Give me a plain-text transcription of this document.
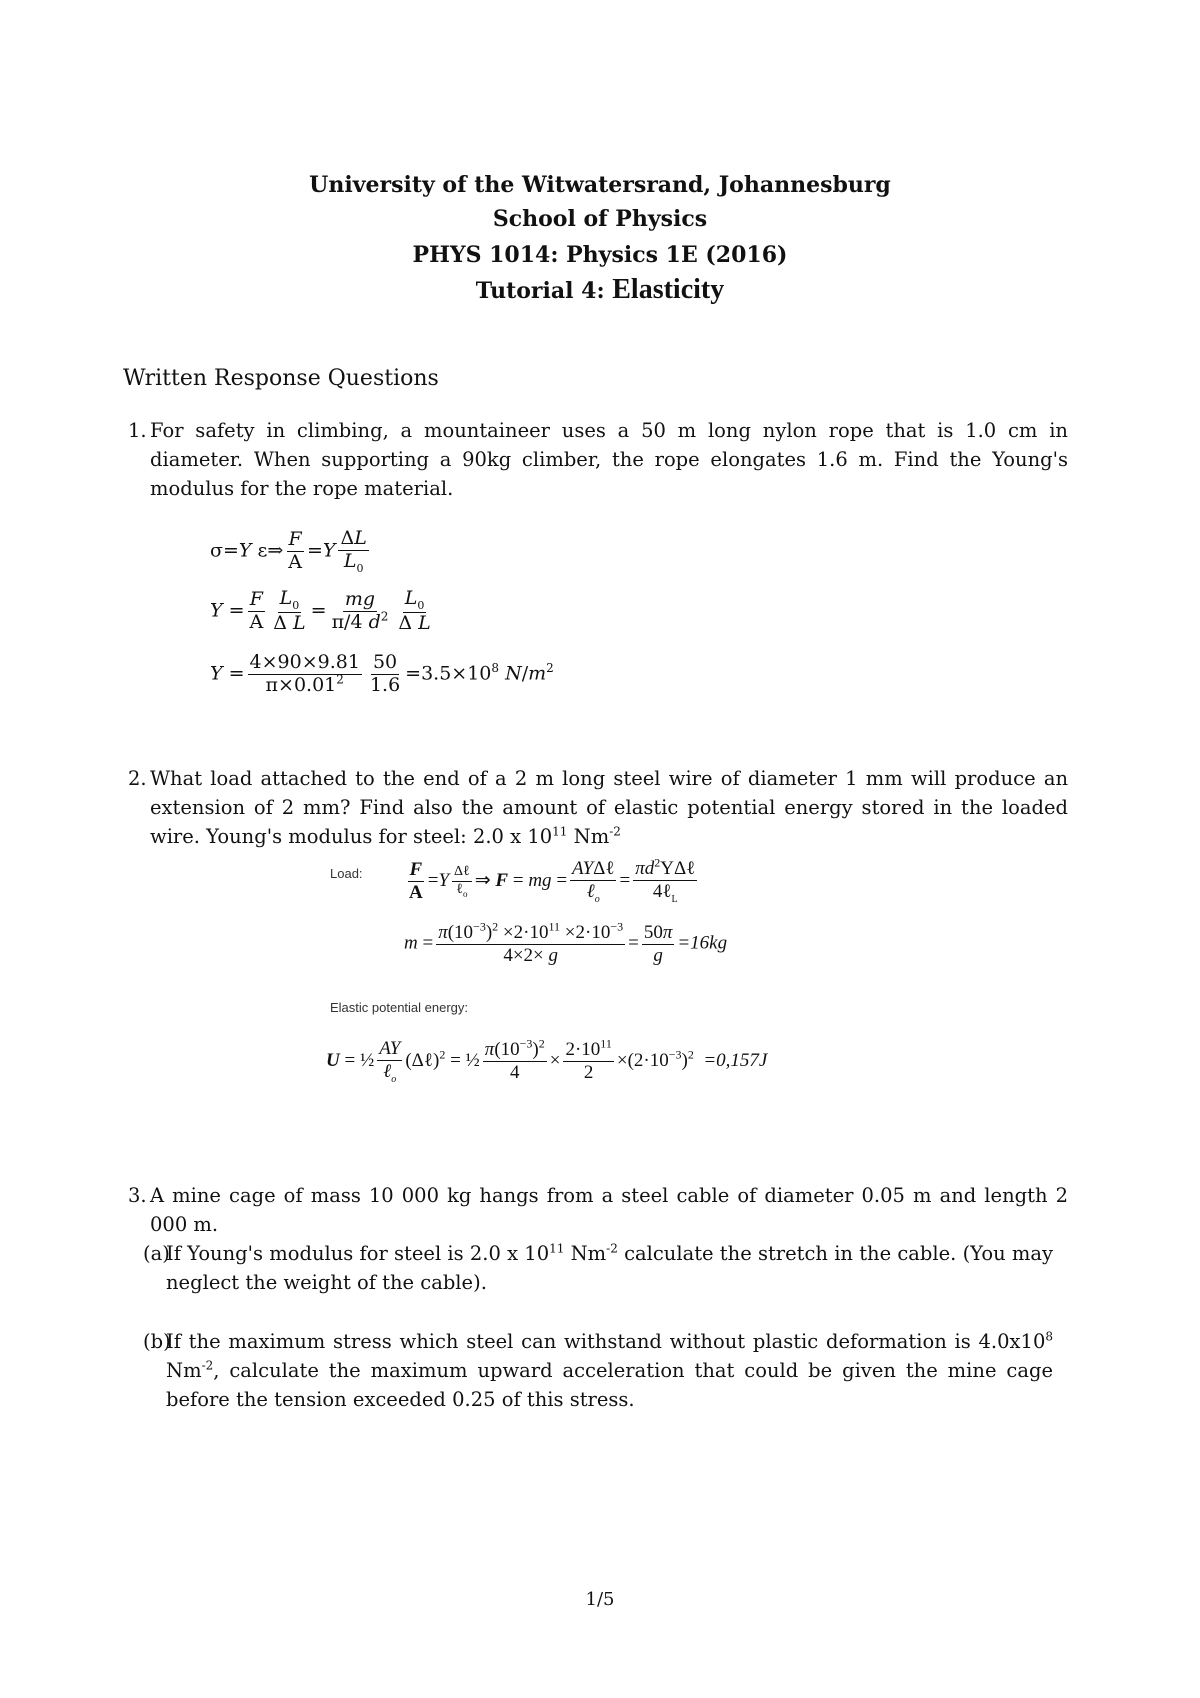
University of the Witwatersrand, Johannesburg
School of Physics
PHYS 1014: Physics 1E (2016)
Tutorial 4: Elasticity
Written Response Questions
1. For safety in climbing, a mountaineer uses a 50 m long nylon rope that is 1.0 cm in diameter. When supporting a 90kg climber, the rope elongates 1.6 m. Find the Young's modulus for the rope material.
σ=Y ε⇒ $\frac{F}{A} =Y \frac{\Delta L}{L_0}$
$Y = \frac{F}{A} \frac{L_0}{\text{Δ L}} = \frac{mg}{\pi/4 d^2} \frac{L_0}{\text{Δ L}}$
$Y = \frac{4\times 90\times 9.81}{\pi\times 0.01^2} \frac{50}{1.6} =3.5\times 10^8$ $N/m^2$
2. What load attached to the end of a 2 m long steel wire of diameter 1 mm will produce an extension of 2 mm? Find also the amount of elastic potential energy stored in the loaded wire. Young's modulus for steel: 2.0 x $10^{11}$ $Nm^{-2}$
Load: $\frac{F}{A} =Y \frac{\text{Δℓ}}{\ell_o}$ ⇒ F = mg = $\frac{\text{AYΔℓ}}{\ell_o} = \frac{\pi d^2Y\Delta\ell}{4\ell_L}$
$m = \frac{\pi(10^{-3})^2 \times 2\cdot 10^{11} \times 2\cdot 10^{-3}}{4\times 2\times g} = \frac{50\pi}{g} =16kg$
Elastic potential energy:
U = ½ $\frac{AY}{\ell_o}$ (Δℓ)$^2$ = ½ $\frac{\pi(10^{-3})^2}{4} \times \frac{2\cdot 10^{11}}{2} \times(2\cdot 10^{-3})^2 =0,157J$
3. A mine cage of mass 10 000 kg hangs from a steel cable of diameter 0.05 m and length 2 000 m.
(a)
If Young's modulus for steel is 2.0 x $10^{11}$ $Nm^{-2}$ calculate the stretch in the cable. (You may neglect the weight of the cable).
(b)
If the maximum stress which steel can withstand without plastic deformation is $4.0x10^8$ $Nm^{-2}$, calculate the maximum upward acceleration that could be given the mine cage before the tension exceeded 0.25 of this stress.
1/5
